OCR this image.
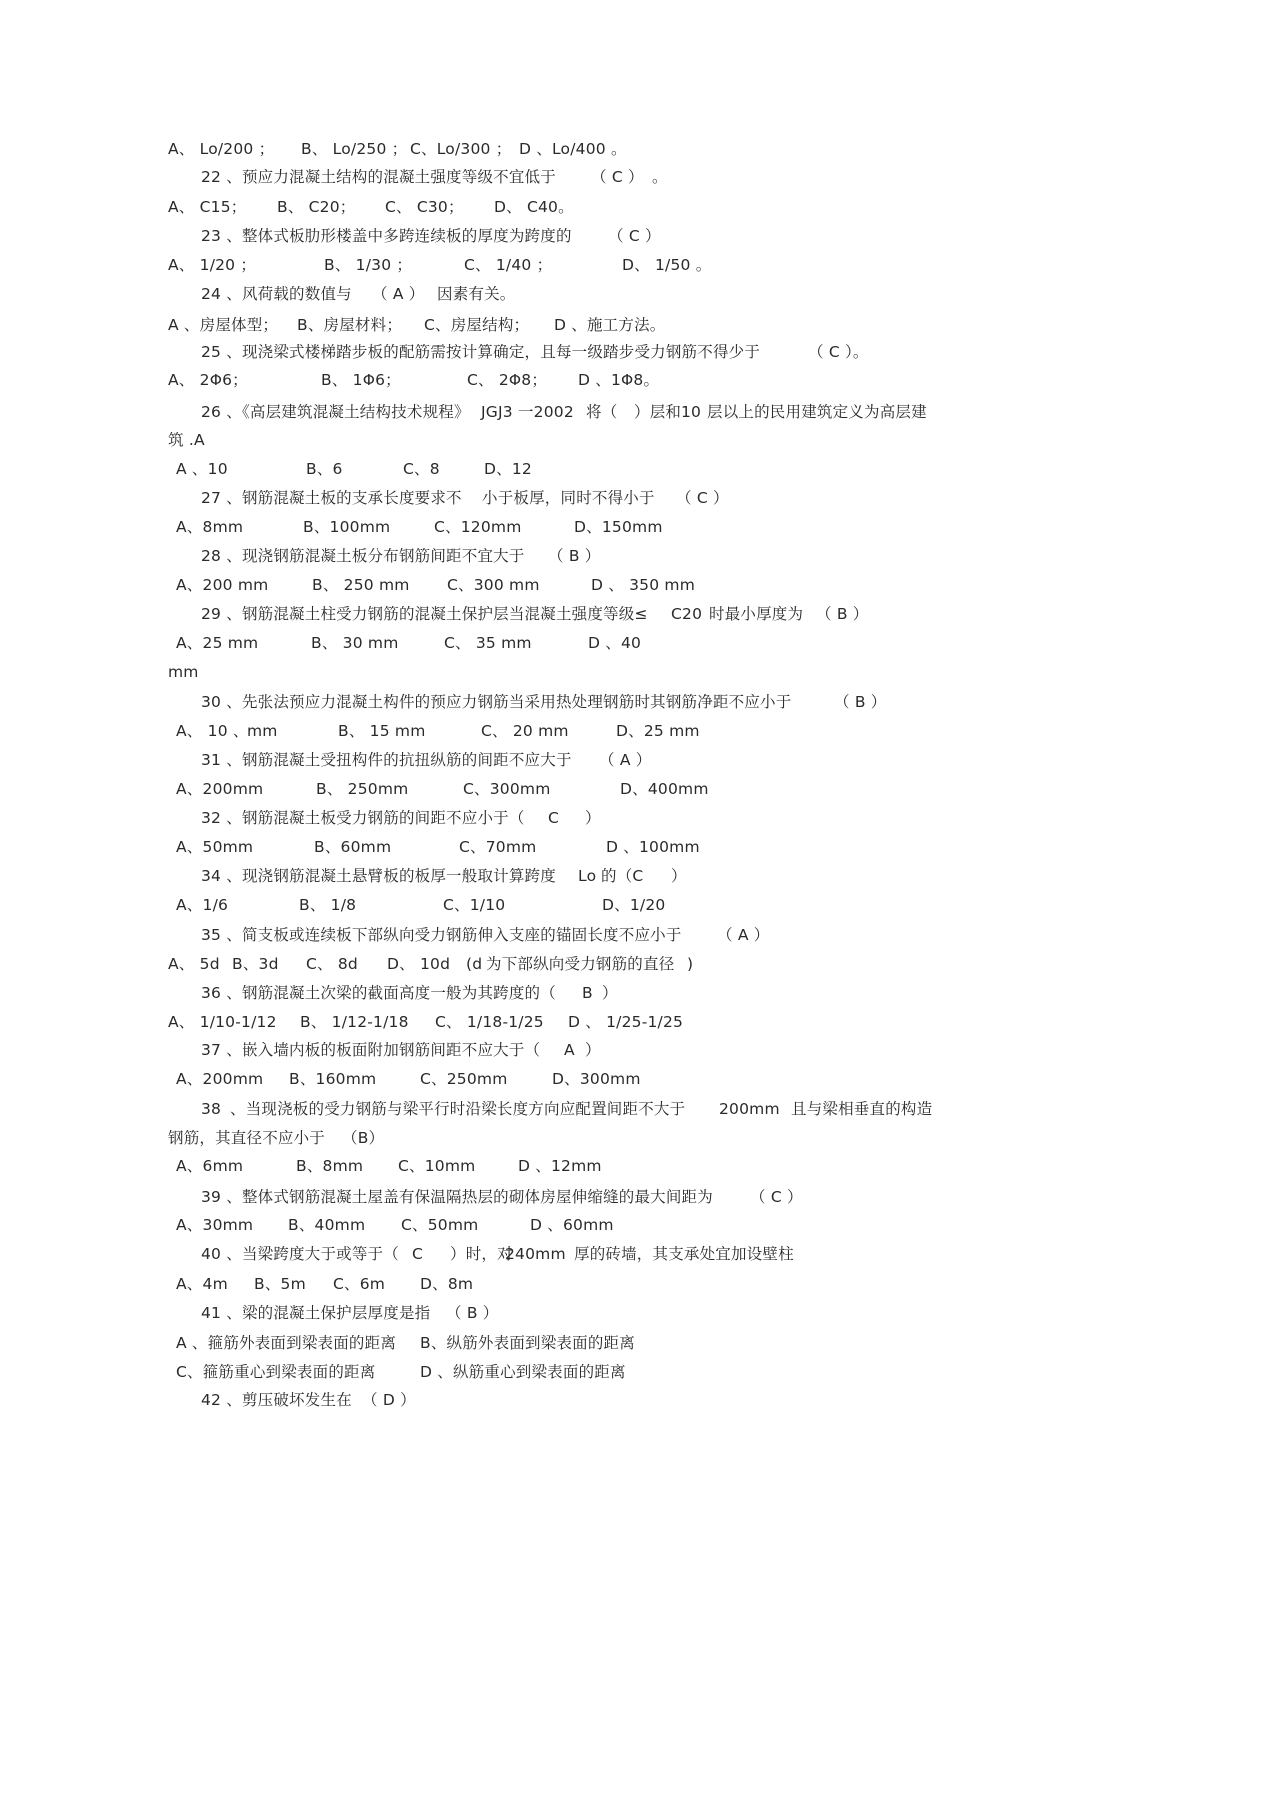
A、 Lo/200 ； B、 Lo/250 ； C、Lo/300 ； D 、Lo/400 。
22 、预应力混凝土结构的混凝土强度等级不宜低于 （ C ） 。
A、 C15； B、 C20； C、 C30； D、 C40。
23 、整体式板肋形楼盖中多跨连续板的厚度为跨度的 （ C ）
A、 1/20 ；	B、 1/30 ；	C、 1/40 ；	D、 1/50 。
24 、风荷载的数值与 （ A ） 因素有关。
A 、房屋体型； B、房屋材料； C、房屋结构； D 、施工方法。
25 、现浇梁式楼梯踏步板的配筋需按计算确定，且每一级踏步受力钢筋不得少于	（ C ）。
A、 2Φ6；	B、 1Φ6；	C、 2Φ8； D 、1Φ8。
26 、《高层建筑混凝土结构技术规程》 JGJ3 一2002 将（ ）层和 10 层以上的民用建筑定义为高层建
筑 .A
A 、10	B、6	C、8	D、12
27 、钢筋混凝土板的支承长度要求不 小于板厚，同时不得小于 （ C ）
A、8mm	B、100mm	C、120mm	D、150mm
28 、现浇钢筋混凝土板分布钢筋间距不宜大于 （ B ）
A、200 mm	B、 250 mm C、300 mm	D 、 350 mm
29 、钢筋混凝土柱受力钢筋的混凝土保护层当混凝土强度等级≤ C20 时最小厚度为 （ B ）
A、25 mm	B、 30 mm	C、 35 mm	D 、40
mm
30 、先张法预应力混凝土构件的预应力钢筋当采用热处理钢筋时其钢筋净距不应小于	（ B ）
A、 10 、
mm	B、 15 mm	C、 20 mm	D、25 mm
31 、钢筋混凝土受扭构件的抗扭纵筋的间距不应大于 （ A ）
A、200mm	B、 250mm	C、300mm	D、400mm
32 、钢筋混凝土板受力钢筋的间距不应小于（ C ）
A、50mm	B、60mm	C、70mm	D 、100mm
34 、现浇钢筋混凝土悬臂板的板厚一般取计算跨度 Lo 的（C ）
A、1/6	B、 1/8	C、1/10	D、1/20
35 、简支板或连续板下部纵向受力钢筋伸入支座的锚固长度不应小于 （ A ）
A、 5d B、3d C、 8d D、 10d (d 为下部纵向受力钢筋的直径 )
36 、钢筋混凝土次梁的截面高度一般为其跨度的（ B ）
A、 1/10-1/12 B、 1/12-1/18 C、 1/18-1/25 D 、 1/25-1/25
37 、嵌入墙内板的板面附加钢筋间距不应大于（ A ）
A、200mm B、160mm	C、250mm	D、300mm
38 、当现浇板的受力钢筋与梁平行时沿梁长度方向应配置间距不大于 200mm 且与梁相垂直的构造
钢筋，其直径不应小于 （B）
A、6mm	B、8mm C、10mm	D 、12mm
39 、整体式钢筋混凝土屋盖有保温隔热层的砌体房屋伸缩缝的最大间距为 （ C ）
A、30mm B、40mm C、50mm	D 、60mm
40 、当梁跨度大于或等于（ C ）时，对
240mm 厚的砖墙，其支承处宜加设壁柱
A、4m B、5m C、6m D、8m
41 、梁的混凝土保护层厚度是指 （ B ）
A 、箍筋外表面到梁表面的距离 B、纵筋外表面到梁表面的距离
C、箍筋重心到梁表面的距离	D 、纵筋重心到梁表面的距离
42 、剪压破坏发生在 （ D ）
